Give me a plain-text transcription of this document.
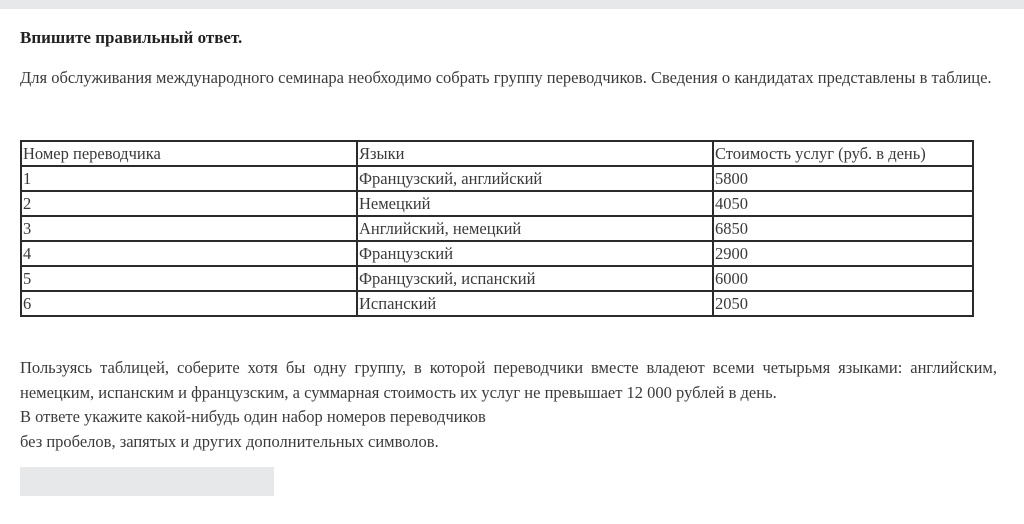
Впишите правильный ответ.
Для обслуживания международного семинара необходимо собрать группу переводчиков. Сведения о кандидатах представлены в таблице.
Номер переводчика	Языки	Стоимость услуг (руб. в день)
1	Французский, английский	5800
2	Немецкий	4050
3	Английский, немецкий	6850
4	Французский	2900
5	Французский, испанский	6000
6	Испанский	2050
Пользуясь таблицей, соберите хотя бы одну группу, в которой переводчики вместе владеют всеми четырьмя языками: английским, немецким, испанским и французским, а суммарная стоимость их услуг не превышает 12 000 рублей в день.
В ответе укажите какой-нибудь один набор номеров переводчиков
без пробелов, запятых и других дополнительных символов.
